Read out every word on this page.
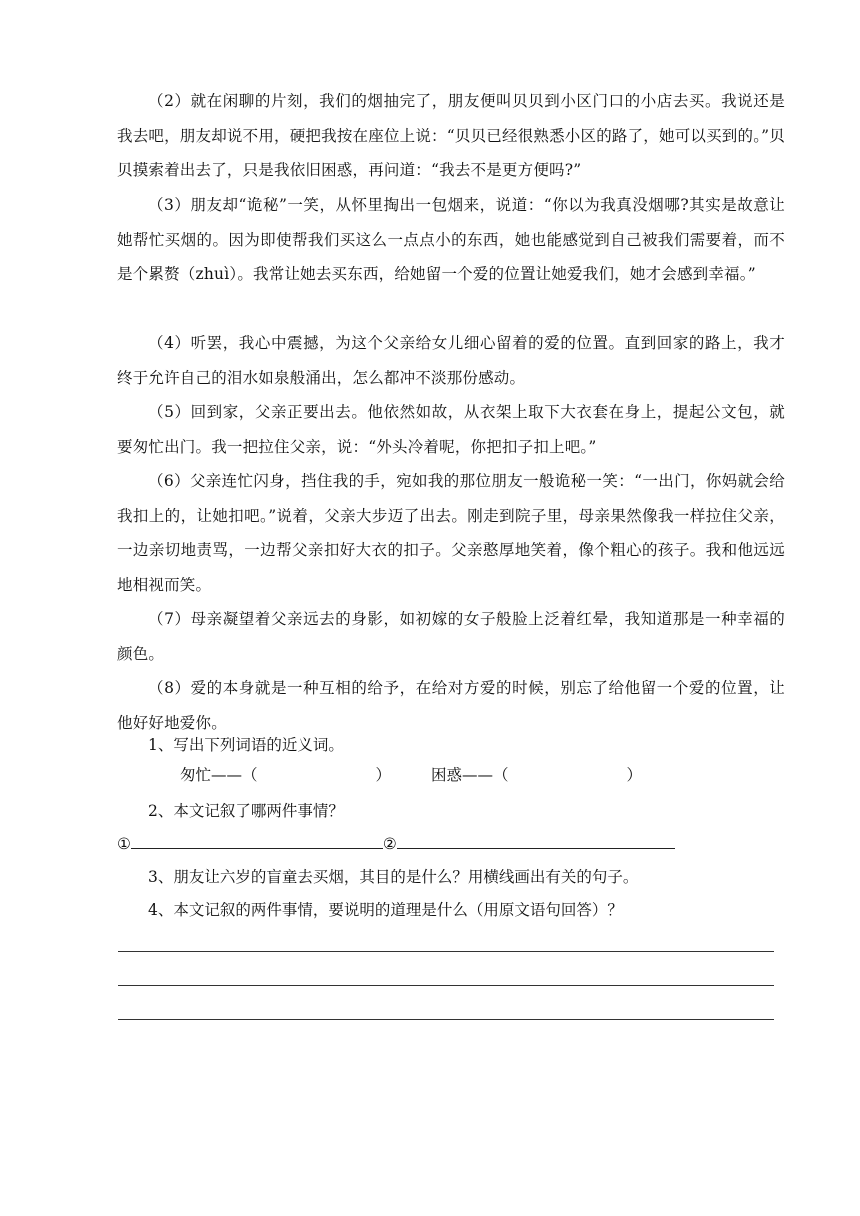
（2）就在闲聊的片刻，我们的烟抽完了，朋友便叫贝贝到小区门口的小店去买。我说还是我去吧，朋友却说不用，硬把我按在座位上说：“贝贝已经很熟悉小区的路了，她可以买到的。”贝贝摸索着出去了，只是我依旧困惑，再问道：“我去不是更方便吗?”

（3）朋友却“诡秘”一笑，从怀里掏出一包烟来，说道：“你以为我真没烟哪?其实是故意让她帮忙买烟的。因为即使帮我们买这么一点点小的东西，她也能感觉到自己被我们需要着，而不是个累赘（zhuì）。我常让她去买东西，给她留一个爱的位置让她爱我们，她才会感到幸福。”

（4）听罢，我心中震撼，为这个父亲给女儿细心留着的爱的位置。直到回家的路上，我才终于允许自己的泪水如泉般涌出，怎么都冲不淡那份感动。

（5）回到家，父亲正要出去。他依然如故，从衣架上取下大衣套在身上，提起公文包，就要匆忙出门。我一把拉住父亲，说：“外头冷着呢，你把扣子扣上吧。”

（6）父亲连忙闪身，挡住我的手，宛如我的那位朋友一般诡秘一笑：“一出门，你妈就会给我扣上的，让她扣吧。”说着，父亲大步迈了出去。刚走到院子里，母亲果然像我一样拉住父亲，一边亲切地责骂，一边帮父亲扣好大衣的扣子。父亲憨厚地笑着，像个粗心的孩子。我和他远远地相视而笑。

（7）母亲凝望着父亲远去的身影，如初嫁的女子般脸上泛着红晕，我知道那是一种幸福的颜色。

（8）爱的本身就是一种互相的给予，在给对方爱的时候，别忘了给他留一个爱的位置，让他好好地爱你。

1、写出下列词语的近义词。

匆忙——（	）	困惑——（	）

2、本文记叙了哪两件事情？

①	②

3、朋友让六岁的盲童去买烟，其目的是什么？用横线画出有关的句子。

4、本文记叙的两件事情，要说明的道理是什么（用原文语句回答）？
